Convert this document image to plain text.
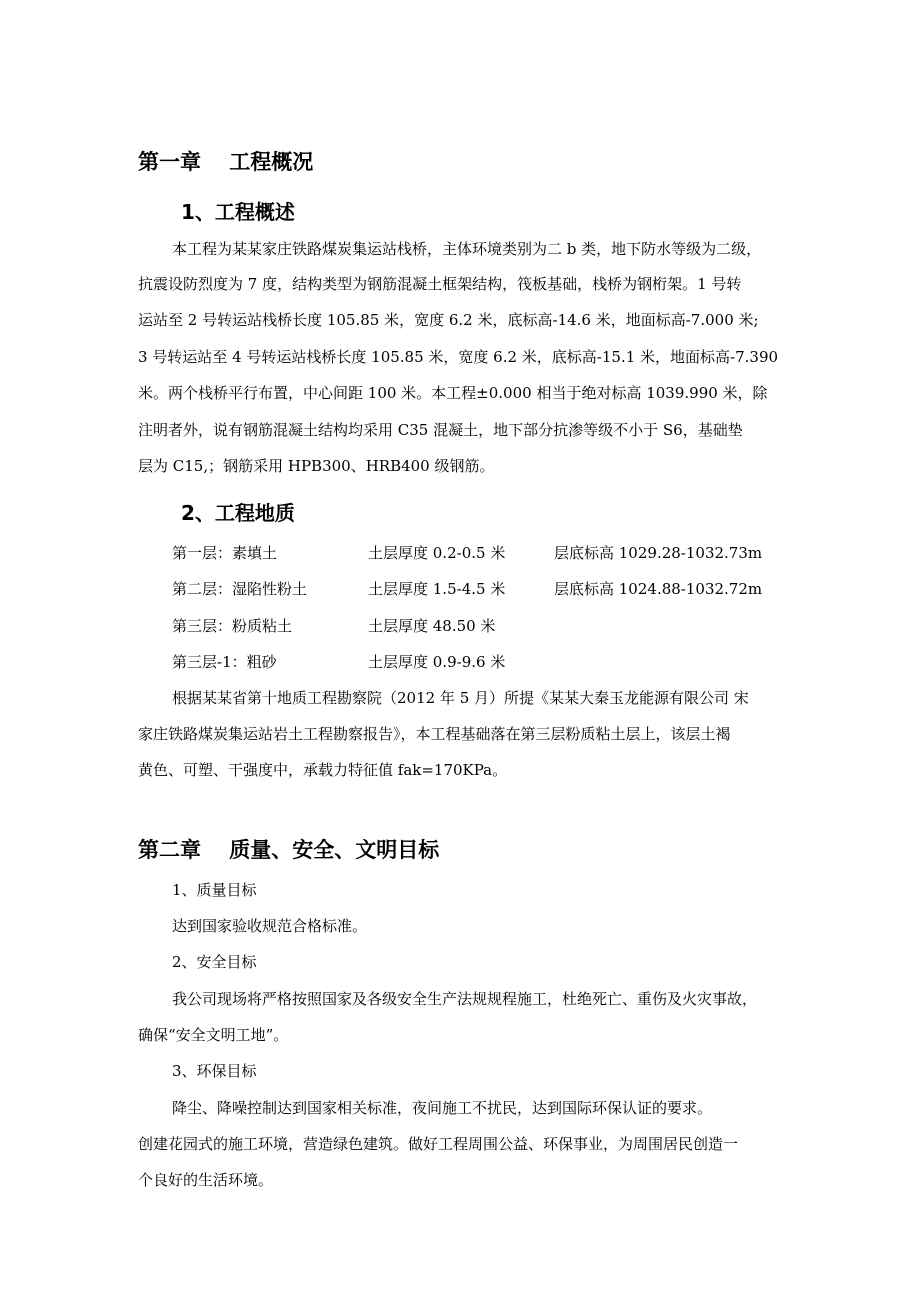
第一章　 工程概况
1、工程概述
本工程为某某家庄铁路煤炭集运站栈桥，主体环境类别为二 b 类，地下防水等级为二级，
抗震设防烈度为 7 度，结构类型为钢筋混凝土框架结构，筏板基础，栈桥为钢桁架。1 号转
运站至 2 号转运站栈桥长度 105.85 米，宽度 6.2 米，底标高-14.6 米，地面标高-7.000 米;
3 号转运站至 4 号转运站栈桥长度 105.85 米，宽度 6.2 米，底标高-15.1 米，地面标高-7.390
米。两个栈桥平行布置，中心间距 100 米。本工程±0.000 相当于绝对标高 1039.990 米，除
注明者外，说有钢筋混凝土结构均采用 C35 混凝土，地下部分抗渗等级不小于 S6，基础垫
层为 C15,；钢筋采用 HPB300、HRB400 级钢筋。
2、工程地质
第一层：素填土	土层厚度 0.2-0.5 米	层底标高 1029.28-1032.73m
第二层：湿陷性粉土	土层厚度 1.5-4.5 米	层底标高 1024.88-1032.72m
第三层：粉质粘土	土层厚度 48.50 米
第三层-1：粗砂	土层厚度 0.9-9.6 米
根据某某省第十地质工程勘察院（2012 年 5 月）所提《某某大秦玉龙能源有限公司 宋
家庄铁路煤炭集运站岩土工程勘察报告》，本工程基础落在第三层粉质粘土层上，该层土褐
黄色、可塑、干强度中，承载力特征值 fak=170KPa。
第二章　 质量、安全、文明目标
1、质量目标
达到国家验收规范合格标准。
2、安全目标
我公司现场将严格按照国家及各级安全生产法规规程施工，杜绝死亡、重伤及火灾事故，
确保“安全文明工地”。
3、环保目标
降尘、降噪控制达到国家相关标准，夜间施工不扰民，达到国际环保认证的要求。
创建花园式的施工环境，营造绿色建筑。做好工程周围公益、环保事业，为周围居民创造一
个良好的生活环境。
